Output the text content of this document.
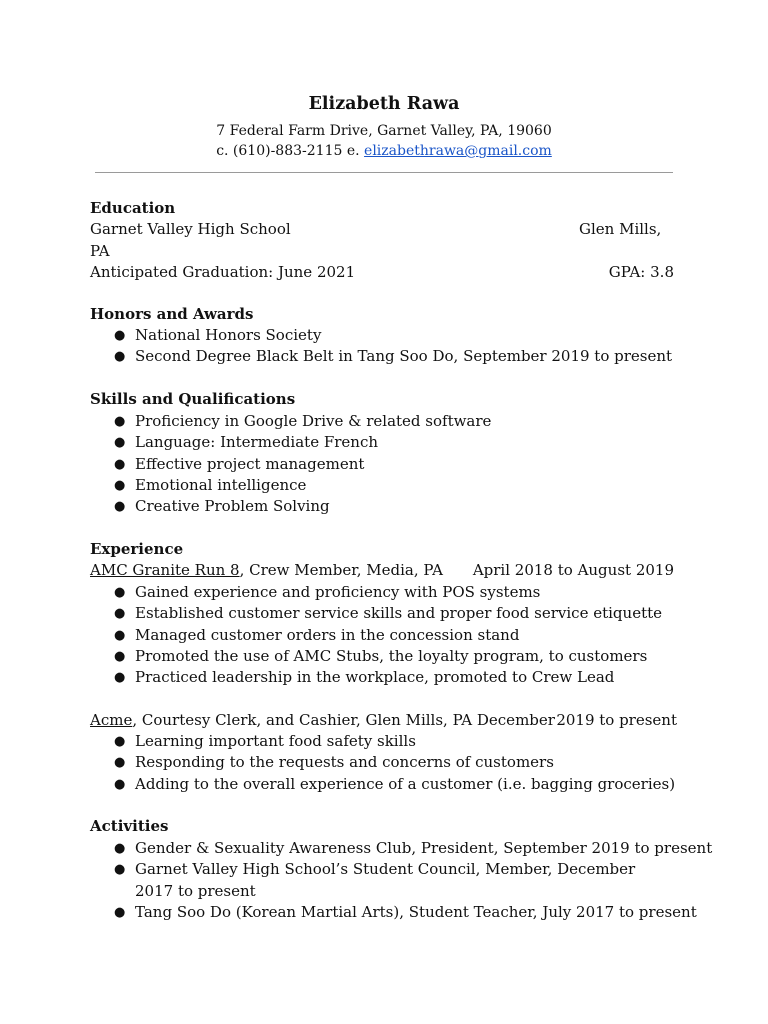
Elizabeth Rawa
7 Federal Farm Drive, Garnet Valley, PA, 19060
c. (610)-883-2115 e. elizabethrawa@gmail.com
Education
Garnet Valley High School	Glen Mills,
PA
Anticipated Graduation: June 2021	GPA: 3.8
Honors and Awards
● National Honors Society
● Second Degree Black Belt in Tang Soo Do, September 2019 to present
Skills and Qualifications
● Proficiency in Google Drive & related software
● Language: Intermediate French
● Effective project management
● Emotional intelligence
● Creative Problem Solving
Experience
AMC Granite Run 8, Crew Member, Media, PA April 2018 to August 2019
● Gained experience and proficiency with POS systems
● Established customer service skills and proper food service etiquette
● Managed customer orders in the concession stand
● Promoted the use of AMC Stubs, the loyalty program, to customers
● Practiced leadership in the workplace, promoted to Crew Lead
Acme, Courtesy Clerk, and Cashier, Glen Mills, PA December 2019 to present
● Learning important food safety skills
● Responding to the requests and concerns of customers
● Adding to the overall experience of a customer (i.e. bagging groceries)
Activities
● Gender & Sexuality Awareness Club, President, September 2019 to present
● Garnet Valley High School’s Student Council, Member, December 2017 to present
● Tang Soo Do (Korean Martial Arts), Student Teacher, July 2017 to present
